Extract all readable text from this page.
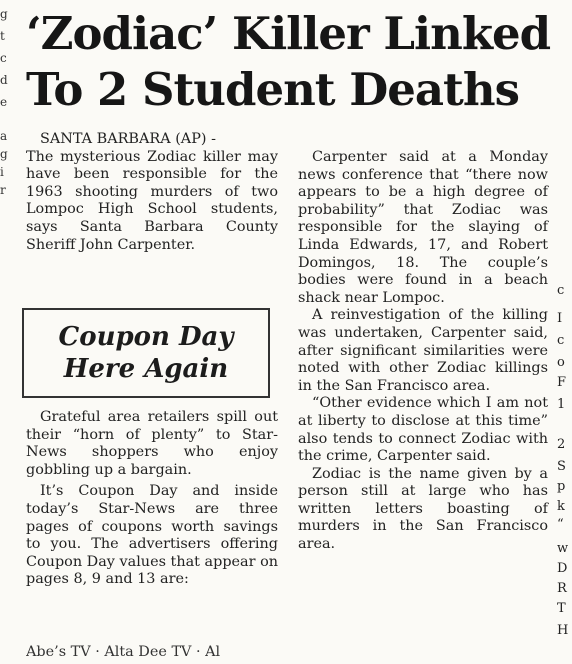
g
t
c
d
e
a
g
i
r
‘Zodiac’ Killer Linked
To 2 Student Deaths

SANTA BARBARA (AP) -

The mysterious Zodiac killer may have been responsible for the 1963 shooting murders of two Lompoc High School students, says Santa Barbara County Sheriff John Carpenter.

Coupon Day
Here Again

Grateful area retailers spill out their “horn of plenty” to Star-News shoppers who enjoy gobbling up a bargain.

It’s Coupon Day and inside today’s Star-News are three pages of coupons worth savings to you. The advertisers offering Coupon Day values that appear on pages 8, 9 and 13 are:

Abe’s TV · Alta Dee TV · Al

Carpenter said at a Monday news conference that “there now appears to be a high degree of probability” that Zodiac was responsible for the slaying of Linda Edwards, 17, and Robert Domingos, 18. The couple’s bodies were found in a beach shack near Lompoc.

A reinvestigation of the killing was undertaken, Carpenter said, after significant similarities were noted with other Zodiac killings in the San Francisco area.

“Other evidence which I am not at liberty to disclose at this time” also tends to connect Zodiac with the crime, Carpenter said.

Zodiac is the name given by a person still at large who has written letters boasting of murders in the San Francisco area.

c
I
c
o
F
1
2
S
p
k
“
w
D
R
T
H
